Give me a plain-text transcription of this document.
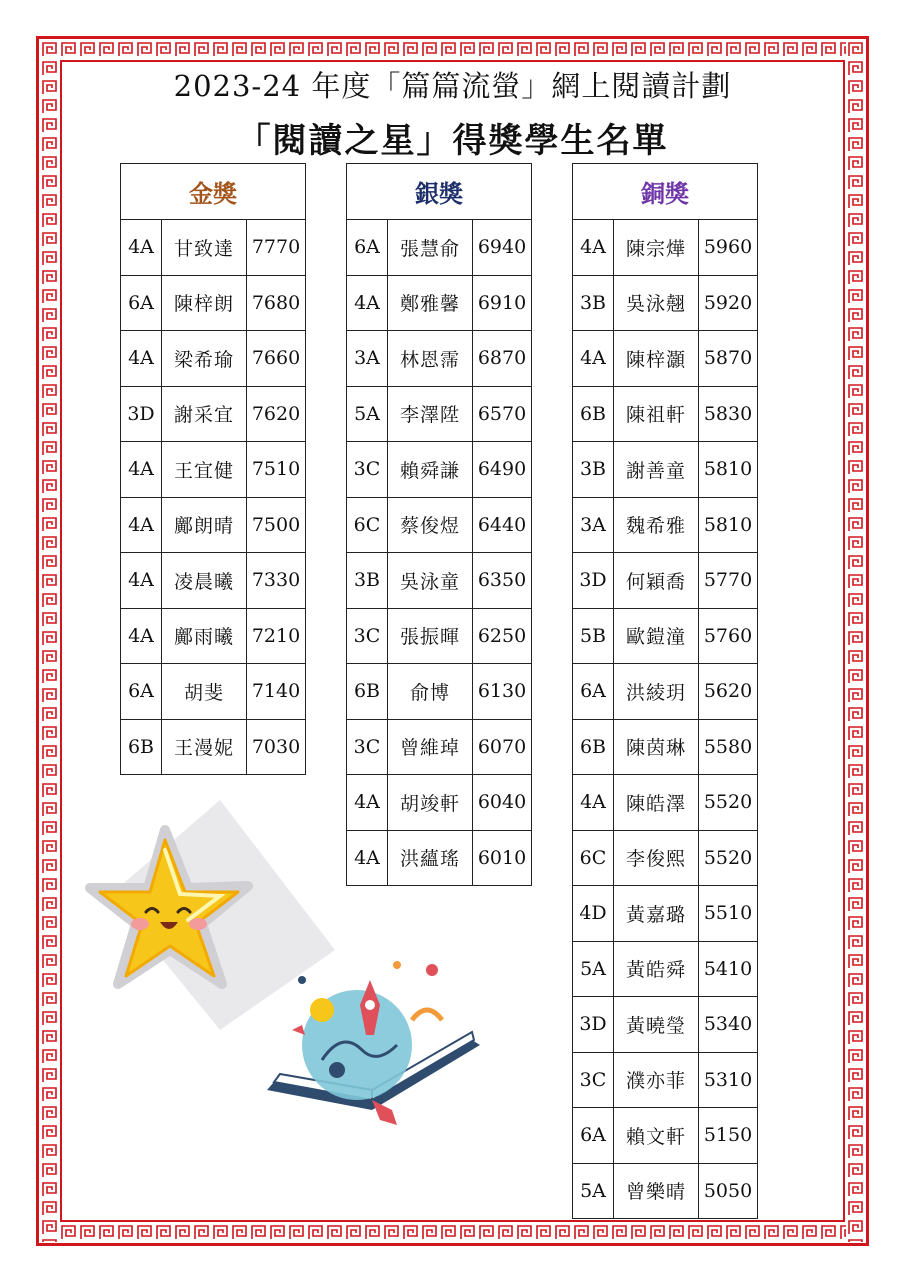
2023-24 年度「篇篇流螢」網上閱讀計劃
「閱讀之星」得獎學生名單
金獎		
4A	甘致達	7770
6A	陳梓朗	7680
4A	梁希瑜	7660
3D	謝采宜	7620
4A	王宜健	7510
4A	鄺朗晴	7500
4A	凌晨曦	7330
4A	鄺雨曦	7210
6A	胡斐	7140
6B	王漫妮	7030
銀獎		
6A	張慧俞	6940
4A	鄭雅馨	6910
3A	林恩霈	6870
5A	李澤陞	6570
3C	賴舜謙	6490
6C	蔡俊煜	6440
3B	吳泳童	6350
3C	張振暉	6250
6B	俞博	6130
3C	曾維琸	6070
4A	胡竣軒	6040
4A	洪蘊瑤	6010
銅獎		
4A	陳宗燁	5960
3B	吳泳翹	5920
4A	陳梓灝	5870
6B	陳祖軒	5830
3B	謝善童	5810
3A	魏希雅	5810
3D	何穎喬	5770
5B	歐鎧潼	5760
6A	洪綾玥	5620
6B	陳茵琳	5580
4A	陳皓澤	5520
6C	李俊熙	5520
4D	黃嘉璐	5510
5A	黃皓舜	5410
3D	黃曉瑩	5340
3C	濮亦菲	5310
6A	賴文軒	5150
5A	曾樂晴	5050
